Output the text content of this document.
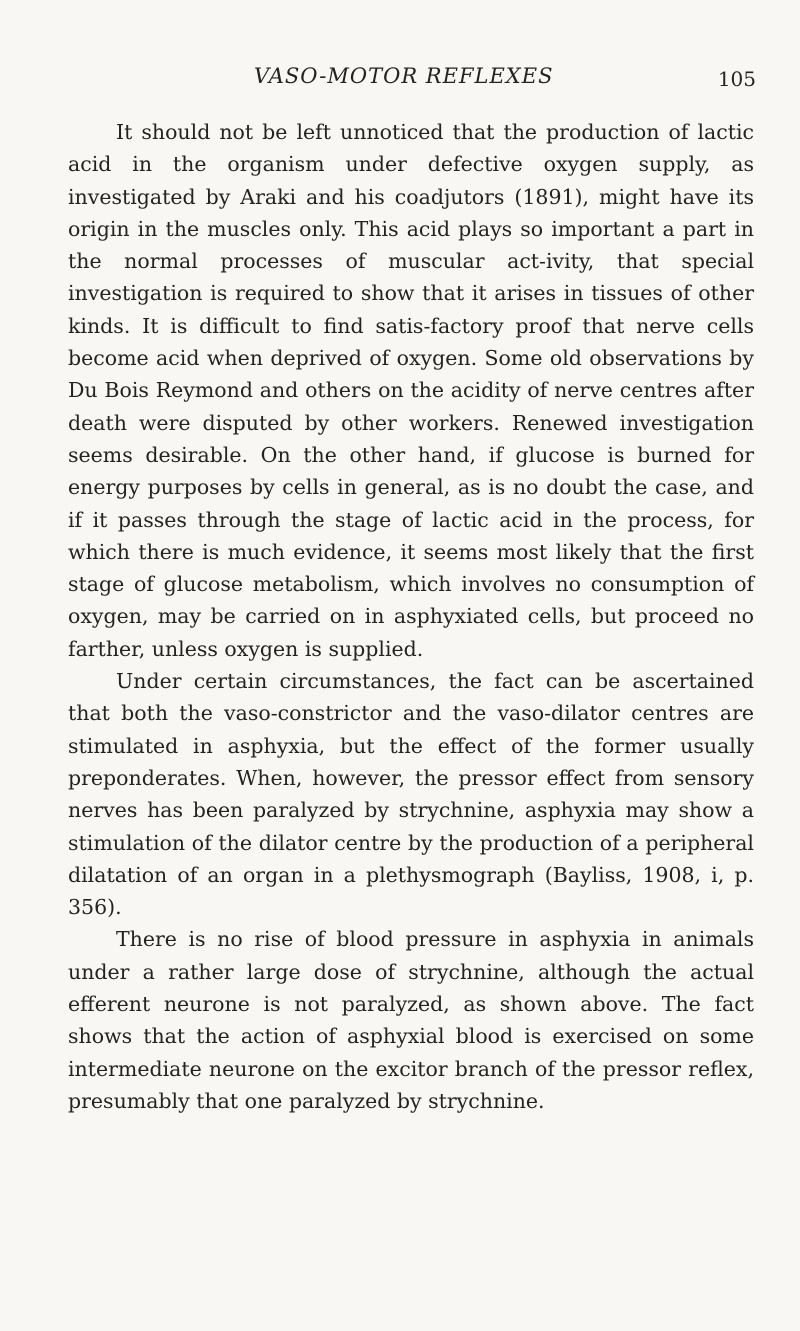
VASO-MOTOR REFLEXES	105

It should not be left unnoticed that the production of lactic acid in the organism under defective oxygen supply, as investigated by Araki and his coadjutors (1891), might have its origin in the muscles only. This acid plays so important a part in the normal processes of muscular act-ivity, that special investigation is required to show that it arises in tissues of other kinds. It is difficult to find satis-factory proof that nerve cells become acid when deprived of oxygen. Some old observations by Du Bois Reymond and others on the acidity of nerve centres after death were disputed by other workers. Renewed investigation seems desirable. On the other hand, if glucose is burned for energy purposes by cells in general, as is no doubt the case, and if it passes through the stage of lactic acid in the process, for which there is much evidence, it seems most likely that the first stage of glucose metabolism, which involves no consumption of oxygen, may be carried on in asphyxiated cells, but proceed no farther, unless oxygen is supplied.

Under certain circumstances, the fact can be ascertained that both the vaso-constrictor and the vaso-dilator centres are stimulated in asphyxia, but the effect of the former usually preponderates. When, however, the pressor effect from sensory nerves has been paralyzed by strychnine, asphyxia may show a stimulation of the dilator centre by the production of a peripheral dilatation of an organ in a plethysmograph (Bayliss, 1908, i, p. 356).

There is no rise of blood pressure in asphyxia in animals under a rather large dose of strychnine, although the actual efferent neurone is not paralyzed, as shown above. The fact shows that the action of asphyxial blood is exercised on some intermediate neurone on the excitor branch of the pressor reflex, presumably that one paralyzed by strychnine.
